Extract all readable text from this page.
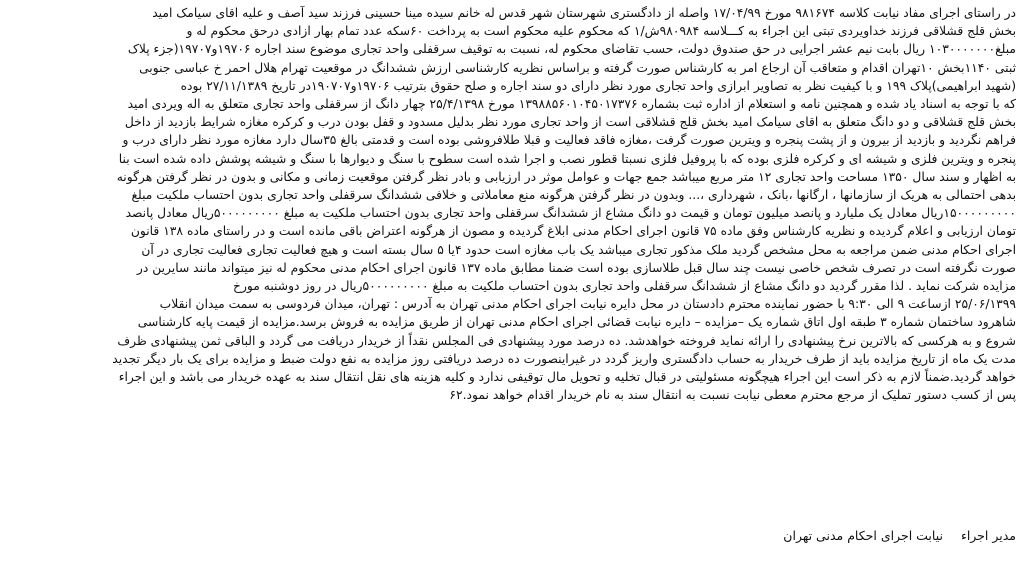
در راستای اجرای مفاد نیابت کلاسه ۹۸۱۶۷۴ مورخ ۱۷/۰۴/۹۹ واصله از دادگستری شهرستان شهر قدس له خانم سیده مینا حسینی فرزند سید آصف و علیه اقای سیامک امید
بخش قلج قشلاقی فرزند خداویردی تبتی این اجراء به کـــلاسه ۹۸۰۹۸۴ش/۱ که محکوم علیه محکوم است به پرداخت ۶۰سکه عدد تمام بهار ازادی درحق محکوم له و
مبلغ۱۰۳۰۰۰۰۰۰۰ ریال بابت نیم عشر اجرایی در حق صندوق دولت، حسب تقاضای محکوم له، نسبت به توقیف سرقفلی واحد تجاری موضوع سند اجاره ۱۹۷۰۶و۱۹۷۰۷(جزء پلاک
ثبتی ۱۱۴۰بخش ۱۰تهران اقدام و متعاقب آن ارجاع امر به کارشناس صورت گرفته و براساس نظریه کارشناسی ارزش ششدانگ در موقعیت تهرام هلال احمر خ عباسی جنوبی
(شهید ابراهیمی)پلاک ۱۹۹ و با کیفیت نظر به تصاویر ابرازی واحد تجاری مورد نظر دارای دو سند اجاره و صلح حقوق بترتیب ۱۹۷۰۶و۱۹۰۷۰۷در تاریخ ۲۷/۱۱/۱۳۸۹ بوده
که با توجه به اسناد یاد شده و همچنین نامه و استعلام از اداره ثبت بشماره ۱۳۹۸۸۵۶۰۱۰۴۵۰۱۷۳۷۶ مورخ ۲۵/۴/۱۳۹۸ چهار دانگ از سرقفلی واحد تجاری متعلق به اله ویردی امید
بخش قلج قشلاقی و دو دانگ متعلق به اقای سیامک امید بخش قلج قشلاقی است از واحد تجاری مورد نظر بدلیل مسدود و قفل بودن درب و کرکره مغازه شرایط بازدید از داخل
فراهم نگردید و بازدید از بیرون و از پشت پنجره و ویترین صورت گرفت ،مغازه فاقد فعالیت و قبلا طلافروشی بوده است و قدمتی بالغ ۳۵سال دارد مغازه مورد نظر دارای درب و
پنجره و ویترین فلزی و شیشه ای و کرکره فلزی بوده که با پروفیل فلزی نسبتا قطور نصب و اجرا شده است سطوح با سنگ و دیوارها با سنگ و شیشه پوشش داده شده است بنا
به اظهار و سند سال ۱۳۵۰ مساحت واحد تجاری ۱۲ متر مربع میباشد جمع جهات و عوامل موثر در ارزیابی و بادر نظر گرفتن موقعیت زمانی و مکانی و بدون در نظر گرفتن هرگونه
بدهی احتمالی به هریک از سازمانها ، ارگانها ،بانک ، شهرداری ،... وبدون در نظر گرفتن هرگونه منع معاملاتی و خلافی ششدانگ سرقفلی واحد تجاری بدون احتساب ملکیت مبلغ
۱۵۰۰۰۰۰۰۰۰۰ریال معادل یک ملیارد و پانصد میلیون تومان و قیمت دو دانگ مشاع از ششدانگ سرقفلی واحد تجاری بدون احتساب ملکیت به مبلغ ۵۰۰۰۰۰۰۰۰۰ریال معادل پانصد
تومان ارزیابی و اعلام گردیده و نظریه کارشناس وفق ماده ۷۵ قانون اجرای احکام مدنی ابلاغ گردیده و مصون از هرگونه اعتراض باقی مانده است و در راستای ماده ۱۳۸ قانون
اجرای احکام مدنی ضمن مراجعه به محل مشخص گردید ملک مذکور تجاری میباشد یک باب مغازه است حدود ۴یا ۵ سال بسته است و هیچ فعالیت تجاری فعالیت تجاری در آن
صورت نگرفته است در تصرف شخص خاصی نیست چند سال قبل طلاسازی بوده است ضمنا مطابق ماده ۱۳۷ قانون اجرای احکام مدنی محکوم له نیز میتواند مانند سایرین در
مزایده شرکت نماید . لذا مقرر گردید دو دانگ مشاع از ششدانگ سرقفلی واحد تجاری بدون احتساب ملکیت به مبلغ ۵۰۰۰۰۰۰۰۰۰ریال در روز دوشنبه مورخ
۲۵/۰۶/۱۳۹۹ ازساعت ۹ الی ۹:۳۰ با حضور نماینده محترم دادستان در محل دایره نیابت اجرای احکام مدنی تهران به آدرس : تهران، میدان فردوسی به سمت میدان انقلاب
شاهرود ساختمان شماره ۳ طبقه اول اتاق شماره یک –مزایده – دایره نیابت قضائی اجرای احکام مدنی تهران از طریق مزایده به فروش برسد.مزایده از قیمت پایه کارشناسی
شروع و به هرکسی که بالاترین نرخ پیشنهادی را ارائه نماید فروخته خواهدشد. ده درصد مورد پیشنهادی فی المجلس نقداً از خریدار دریافت می گردد و الباقی ثمن پیشنهادی ظرف
مدت یک ماه از تاریخ مزایده باید از طرف خریدار به حساب دادگستری واریز گردد در غیراینصورت ده درصد دریافتی روز مزایده به نفع دولت ضبط و مزایده برای یک بار دیگر تجدید
خواهد گردید.ضمناً لازم به ذکر است این اجراء هیچگونه مسئولیتی در قبال تخلیه و تحویل مال توقیفی ندارد و کلیه هزینه های نقل انتقال سند به عهده خریدار می باشد و این اجراء
پس از کسب دستور تملیک از مرجع محترم معطی نیابت نسبت به انتقال سند به نام خریدار اقدام خواهد نمود.۶۲
مدیر اجراء نیابت اجرای احکام مدنی تهران
